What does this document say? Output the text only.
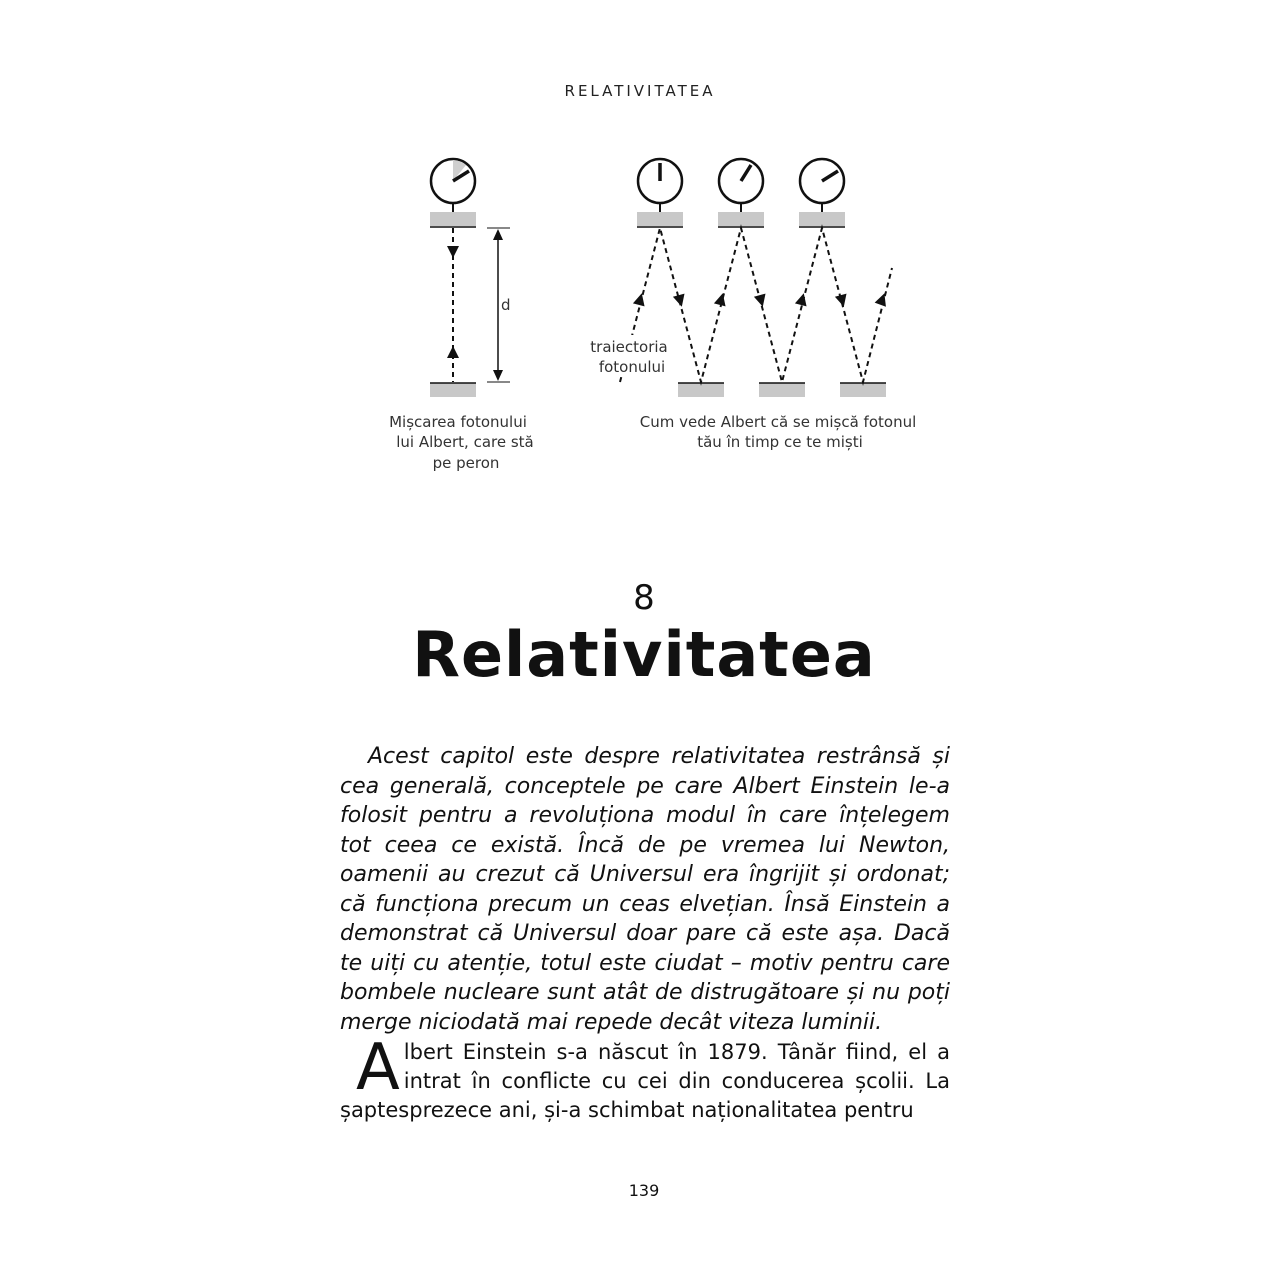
RELATIVITATEA
d
traiectoria
fotonului
Mișcarea fotonului
lui Albert, care stă
pe peron
Cum vede Albert că se mișcă fotonul
tău în timp ce te miști
8
Relativitatea

Acest capitol este despre relativitatea restrânsă și cea generală, conceptele pe care Albert Einstein le-a folosit pentru a revoluționa modul în care înțelegem tot ceea ce există. Încă de pe vremea lui Newton, oamenii au crezut că Universul era îngrijit și ordonat; că funcționa precum un ceas elvețian. Însă Einstein a demonstrat că Universul doar pare că este așa. Dacă te uiți cu atenție, totul este ciudat – motiv pentru care bombele nucleare sunt atât de distrugătoare și nu poți merge niciodată mai repede decât viteza luminii.

Albert Einstein s-a născut în 1879. Tânăr fiind, el a intrat în conflicte cu cei din conducerea școlii. La șaptesprezece ani, și-a schimbat naționalitatea pentru

139
